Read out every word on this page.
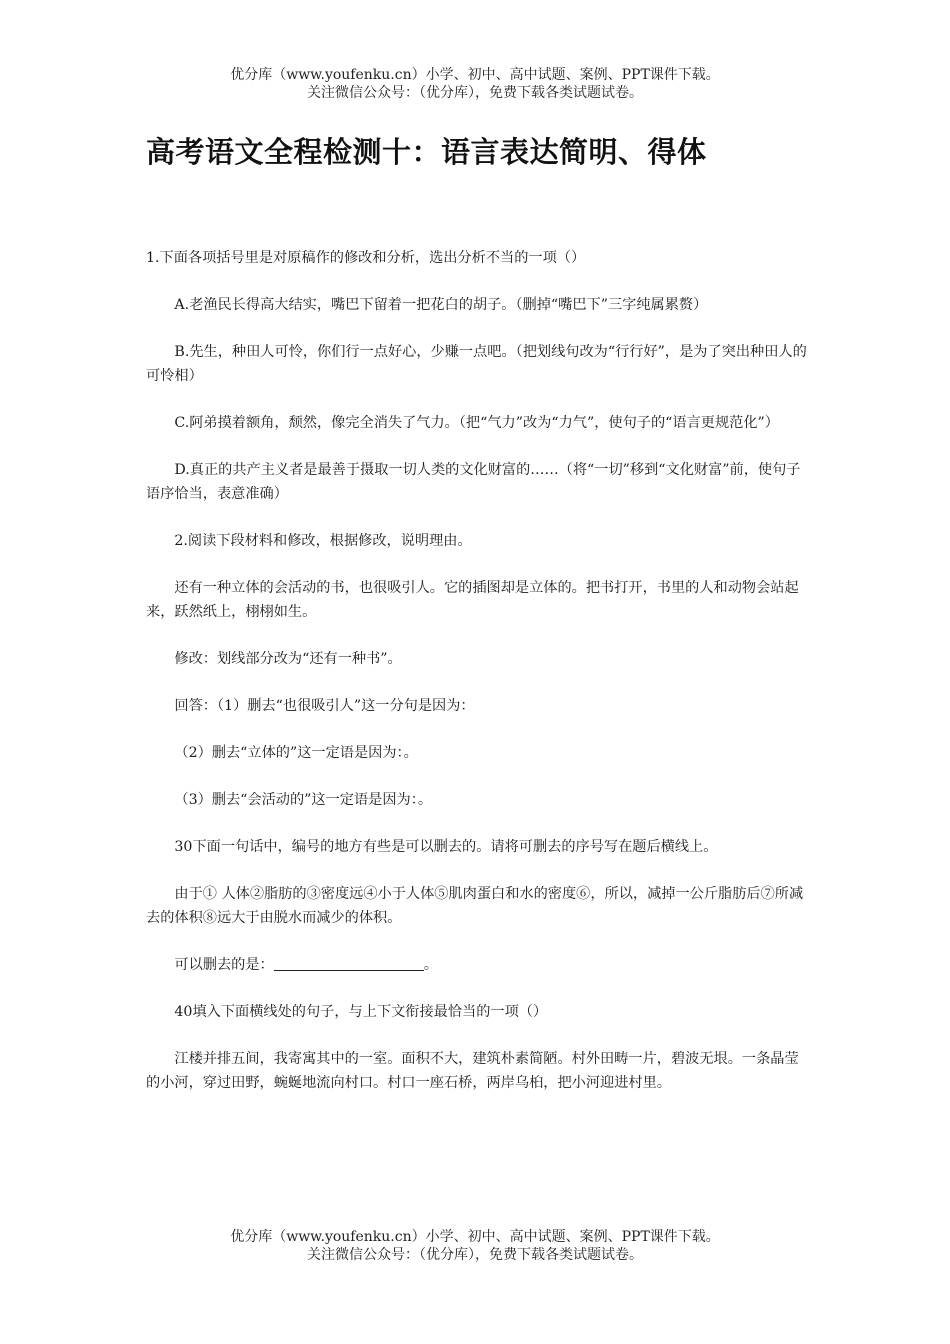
优分库（www.youfenku.cn）小学、初中、高中试题、案例、PPT课件下载。
关注微信公众号：（优分库），免费下载各类试题试卷。
高考语文全程检测十：语言表达简明、得体

1.下面各项括号里是对原稿作的修改和分析，选出分析不当的一项（）

A.老渔民长得高大结实，嘴巴下留着一把花白的胡子。（删掉“嘴巴下”三字纯属累赘）

B.先生，种田人可怜，你们行一点好心，少赚一点吧。（把划线句改为“行行好”，是为了突出种田人的可怜相）

C.阿弟摸着额角，颓然，像完全消失了气力。（把“气力”改为“力气”，使句子的“语言更规范化”）

D.真正的共产主义者是最善于摄取一切人类的文化财富的……（将“一切”移到“文化财富”前，使句子语序恰当，表意准确）

2.阅读下段材料和修改，根据修改，说明理由。

还有一种立体的会活动的书，也很吸引人。它的插图却是立体的。把书打开，书里的人和动物会站起来，跃然纸上，栩栩如生。

修改：划线部分改为“还有一种书”。

回答：（1）删去“也很吸引人”这一分句是因为：

（2）删去“立体的”这一定语是因为：。

（3）删去“会活动的”这一定语是因为：。

30下面一句话中，编号的地方有些是可以删去的。请将可删去的序号写在题后横线上。

由于① 人体②脂肪的③密度远④小于人体⑤肌肉蛋白和水的密度⑥，所以，减掉一公斤脂肪后⑦所减去的体积⑧远大于由脱水而减少的体积。

可以删去的是：	。

40填入下面横线处的句子，与上下文衔接最恰当的一项（）

江楼并排五间，我寄寓其中的一室。面积不大，建筑朴素简陋。村外田畴一片，碧波无垠。一条晶莹的小河，穿过田野，蜿蜒地流向村口。村口一座石桥，两岸乌桕，把小河迎进村里。

优分库（www.youfenku.cn）小学、初中、高中试题、案例、PPT课件下载。
关注微信公众号：（优分库），免费下载各类试题试卷。
